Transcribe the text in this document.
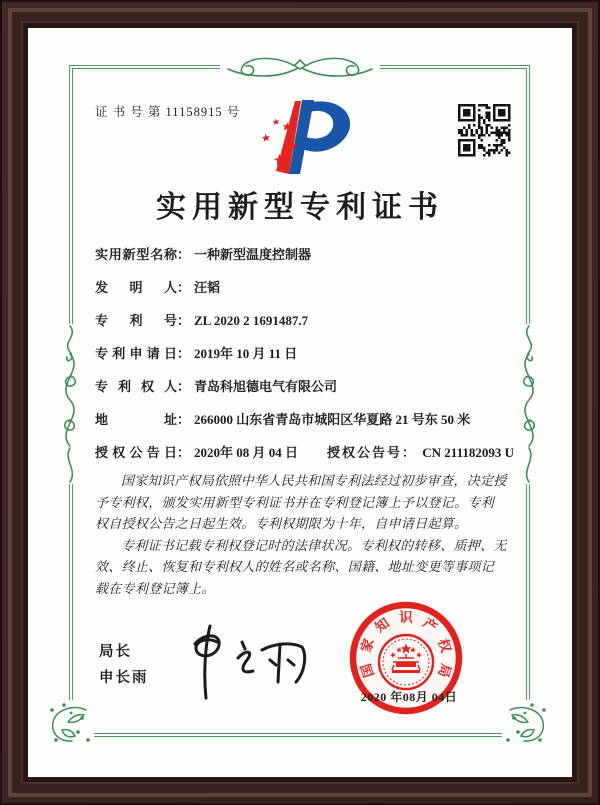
证 书 号 第 11158915 号
实用新型专利证书
实用新型名称 ： 一种新型温度控制器
发明人 ： 汪韬
专利号 ： ZL 2020 2 1691487.7
专利申请日 ： 2019年 10 月 11 日
专利权人 ： 青岛科旭德电气有限公司
地址 ： 266000 山东省青岛市城阳区华夏路 21 号东 50 米
授权公告日 ： 2020年 08 月 04 日 授权公告号： CN 211182093 U

国家知识产权局依照中华人民共和国专利法经过初步审查，决定授予专利权，颁发实用新型专利证书并在专利登记簿上予以登记。专利权自授权公告之日起生效。专利权期限为十年，自申请日起算。

专利证书记载专利权登记时的法律状况。专利权的转移、质押、无效、终止、恢复和专利权人的姓名或名称、国籍、地址变更等事项记载在专利登记簿上。

局长
申长雨	国
家
知 识 产
权
局
2020 年08月 04日
